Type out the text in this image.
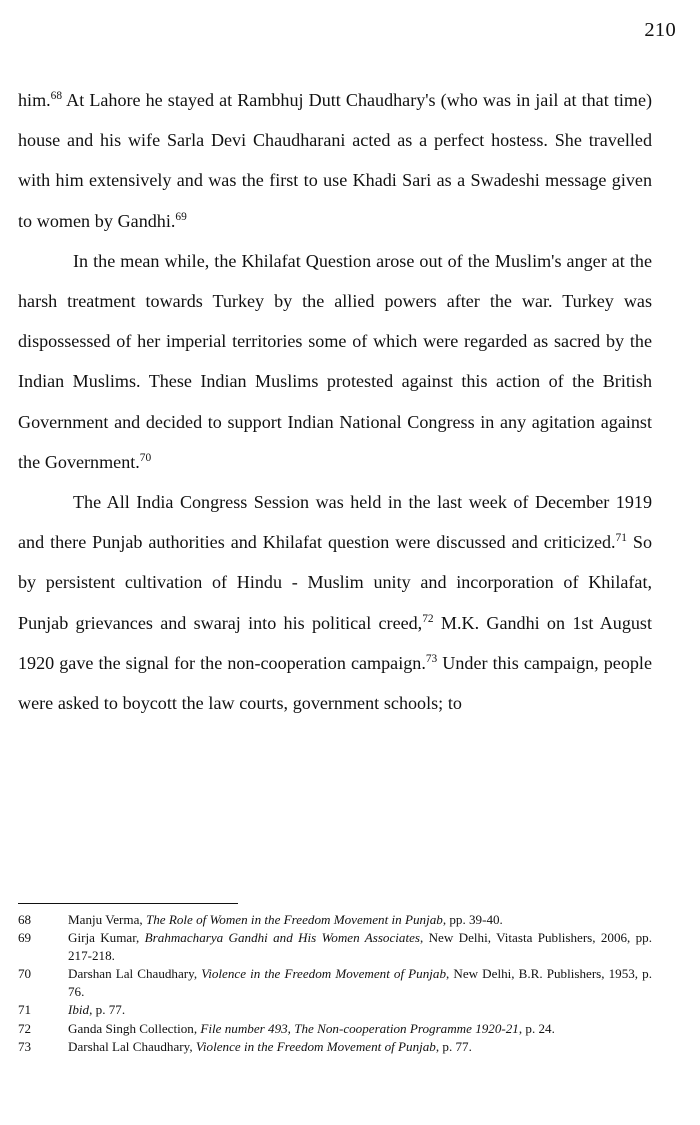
210

him.$^{68}$ At Lahore he stayed at Rambhuj Dutt Chaudhary's (who was in jail at that time) house and his wife Sarla Devi Chaudharani acted as a perfect hostess. She travelled with him extensively and was the first to use Khadi Sari as a Swadeshi message given to women by Gandhi.$^{69}$

In the mean while, the Khilafat Question arose out of the Muslim's anger at the harsh treatment towards Turkey by the allied powers after the war. Turkey was dispossessed of her imperial territories some of which were regarded as sacred by the Indian Muslims. These Indian Muslims protested against this action of the British Government and decided to support Indian National Congress in any agitation against the Government.$^{70}$

The All India Congress Session was held in the last week of December 1919 and there Punjab authorities and Khilafat question were discussed and criticized.$^{71}$ So by persistent cultivation of Hindu - Muslim unity and incorporation of Khilafat, Punjab grievances and swaraj into his political creed,$^{72}$ M.K. Gandhi on 1st August 1920 gave the signal for the non-cooperation campaign.$^{73}$ Under this campaign, people were asked to boycott the law courts, government schools; to

68	Manju Verma, The Role of Women in the Freedom Movement in Punjab, pp. 39-40.
69	Girja Kumar, Brahmacharya Gandhi and His Women Associates, New Delhi, Vitasta Publishers, 2006, pp. 217-218.
70	Darshan Lal Chaudhary, Violence in the Freedom Movement of Punjab, New Delhi, B.R. Publishers, 1953, p. 76.
71	Ibid, p. 77.
72	Ganda Singh Collection, File number 493, The Non-cooperation Programme 1920-21, p. 24.
73	Darshal Lal Chaudhary, Violence in the Freedom Movement of Punjab, p. 77.
